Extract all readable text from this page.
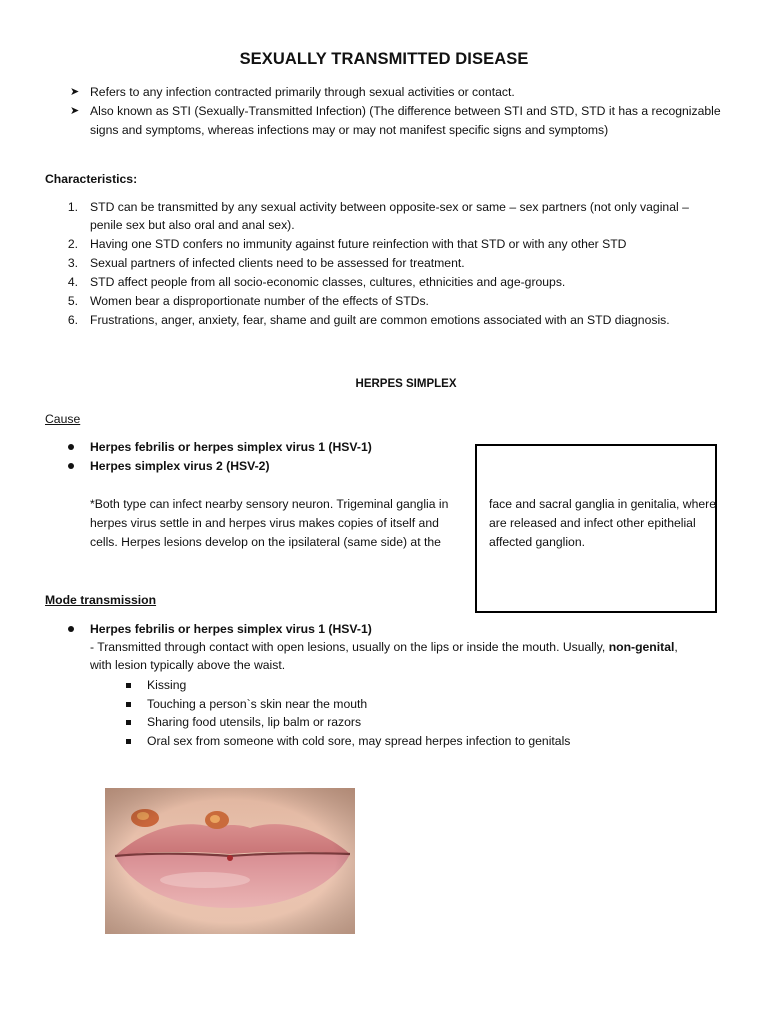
SEXUALLY TRANSMITTED DISEASE
➤ Refers to any infection contracted primarily through sexual activities or contact.
➤ Also known as STI (Sexually-Transmitted Infection) (The difference between STI and STD, STD it has a recognizable
signs and symptoms, whereas infections may or may not manifest specific signs and symptoms)
Characteristics:
1. STD can be transmitted by any sexual activity between opposite-sex or same – sex partners (not only vaginal –
penile sex but also oral and anal sex).
2. Having one STD confers no immunity against future reinfection with that STD or with any other STD
3. Sexual partners of infected clients need to be assessed for treatment.
4. STD affect people from all socio-economic classes, cultures, ethnicities and age-groups.
5. Women bear a disproportionate number of the effects of STDs.
6. Frustrations, anger, anxiety, fear, shame and guilt are common emotions associated with an STD diagnosis.
HERPES SIMPLEX
Cause
Herpes febrilis or herpes simplex virus 1 (HSV-1)
Herpes simplex virus 2 (HSV-2)
*Both type can infect nearby sensory neuron. Trigeminal ganglia in
herpes virus settle in and herpes virus makes copies of itself and
cells. Herpes lesions develop on the ipsilateral (same side) at the
face and sacral ganglia in genitalia, where
are released and infect other epithelial
affected ganglion.
Mode transmission
Herpes febrilis or herpes simplex virus 1 (HSV-1)
- Transmitted through contact with open lesions, usually on the lips or inside the mouth. Usually, non-genital,
with lesion typically above the waist.
Kissing
Touching a person`s skin near the mouth
Sharing food utensils, lip balm or razors
Oral sex from someone with cold sore, may spread herpes infection to genitals
